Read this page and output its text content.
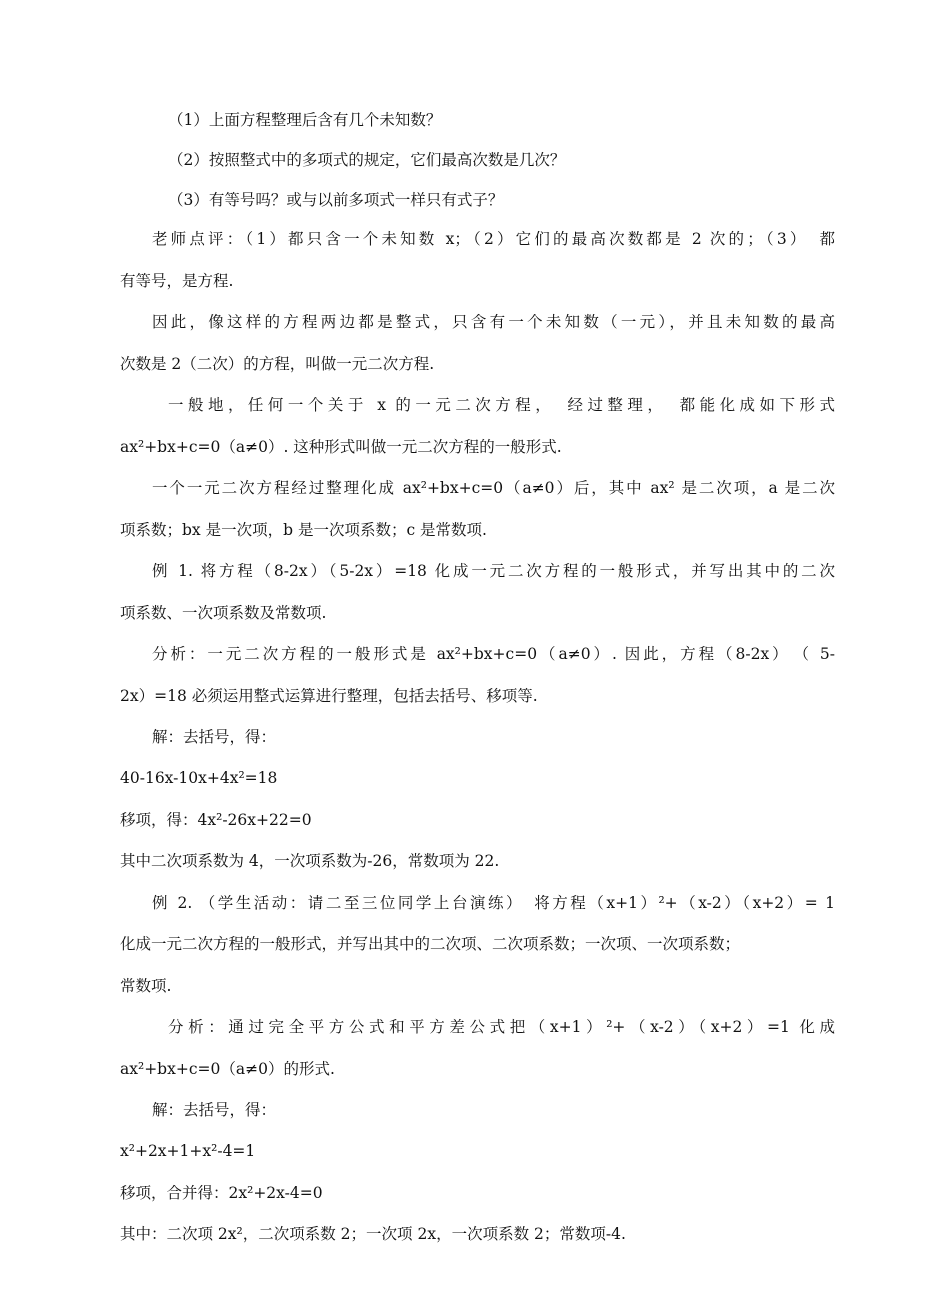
（1）上面方程整理后含有几个未知数？
（2）按照整式中的多项式的规定，它们最高次数是几次？
（3）有等号吗？或与以前多项式一样只有式子？
老师点评：（1）都只含一个未知数 x；（2）它们的最高次数都是 2 次的；（3）　都
有等号，是方程.
因此，像这样的方程两边都是整式，只含有一个未知数（一元），并且未知数的最高
次数是 2（二次）的方程，叫做一元二次方程.
一般地，任何一个关于 x 的一元二次方程，　经过整理，　都能化成如下形式
ax²+bx+c=0（a≠0）. 这种形式叫做一元二次方程的一般形式.
一个一元二次方程经过整理化成 ax²+bx+c=0（a≠0）后，其中 ax² 是二次项，a 是二次
项系数；bx 是一次项，b 是一次项系数；c 是常数项.
例 1. 将方程（8-2x）（5-2x）=18 化成一元二次方程的一般形式，并写出其中的二次
项系数、一次项系数及常数项.
分析：一元二次方程的一般形式是 ax²+bx+c=0（a≠0）. 因此，方程（8-2x）　（ 5-
2x）=18 必须运用整式运算进行整理，包括去括号、移项等.
解：去括号，得：
40-16x-10x+4x²=18
移项，得：4x²-26x+22=0
其中二次项系数为 4，一次项系数为-26，常数项为 22.
例 2. （学生活动：请二至三位同学上台演练）　将方程（x+1）²+（x-2）（x+2）= 1
化成一元二次方程的一般形式，并写出其中的二次项、二次项系数；一次项、一次项系数；
常数项.
分析：通过完全平方公式和平方差公式把（x+1）²+（x-2）（x+2）=1 化成
ax²+bx+c=0（a≠0）的形式.
解：去括号，得：
x²+2x+1+x²-4=1
移项，合并得：2x²+2x-4=0
其中：二次项 2x²，二次项系数 2；一次项 2x，一次项系数 2；常数项-4.
